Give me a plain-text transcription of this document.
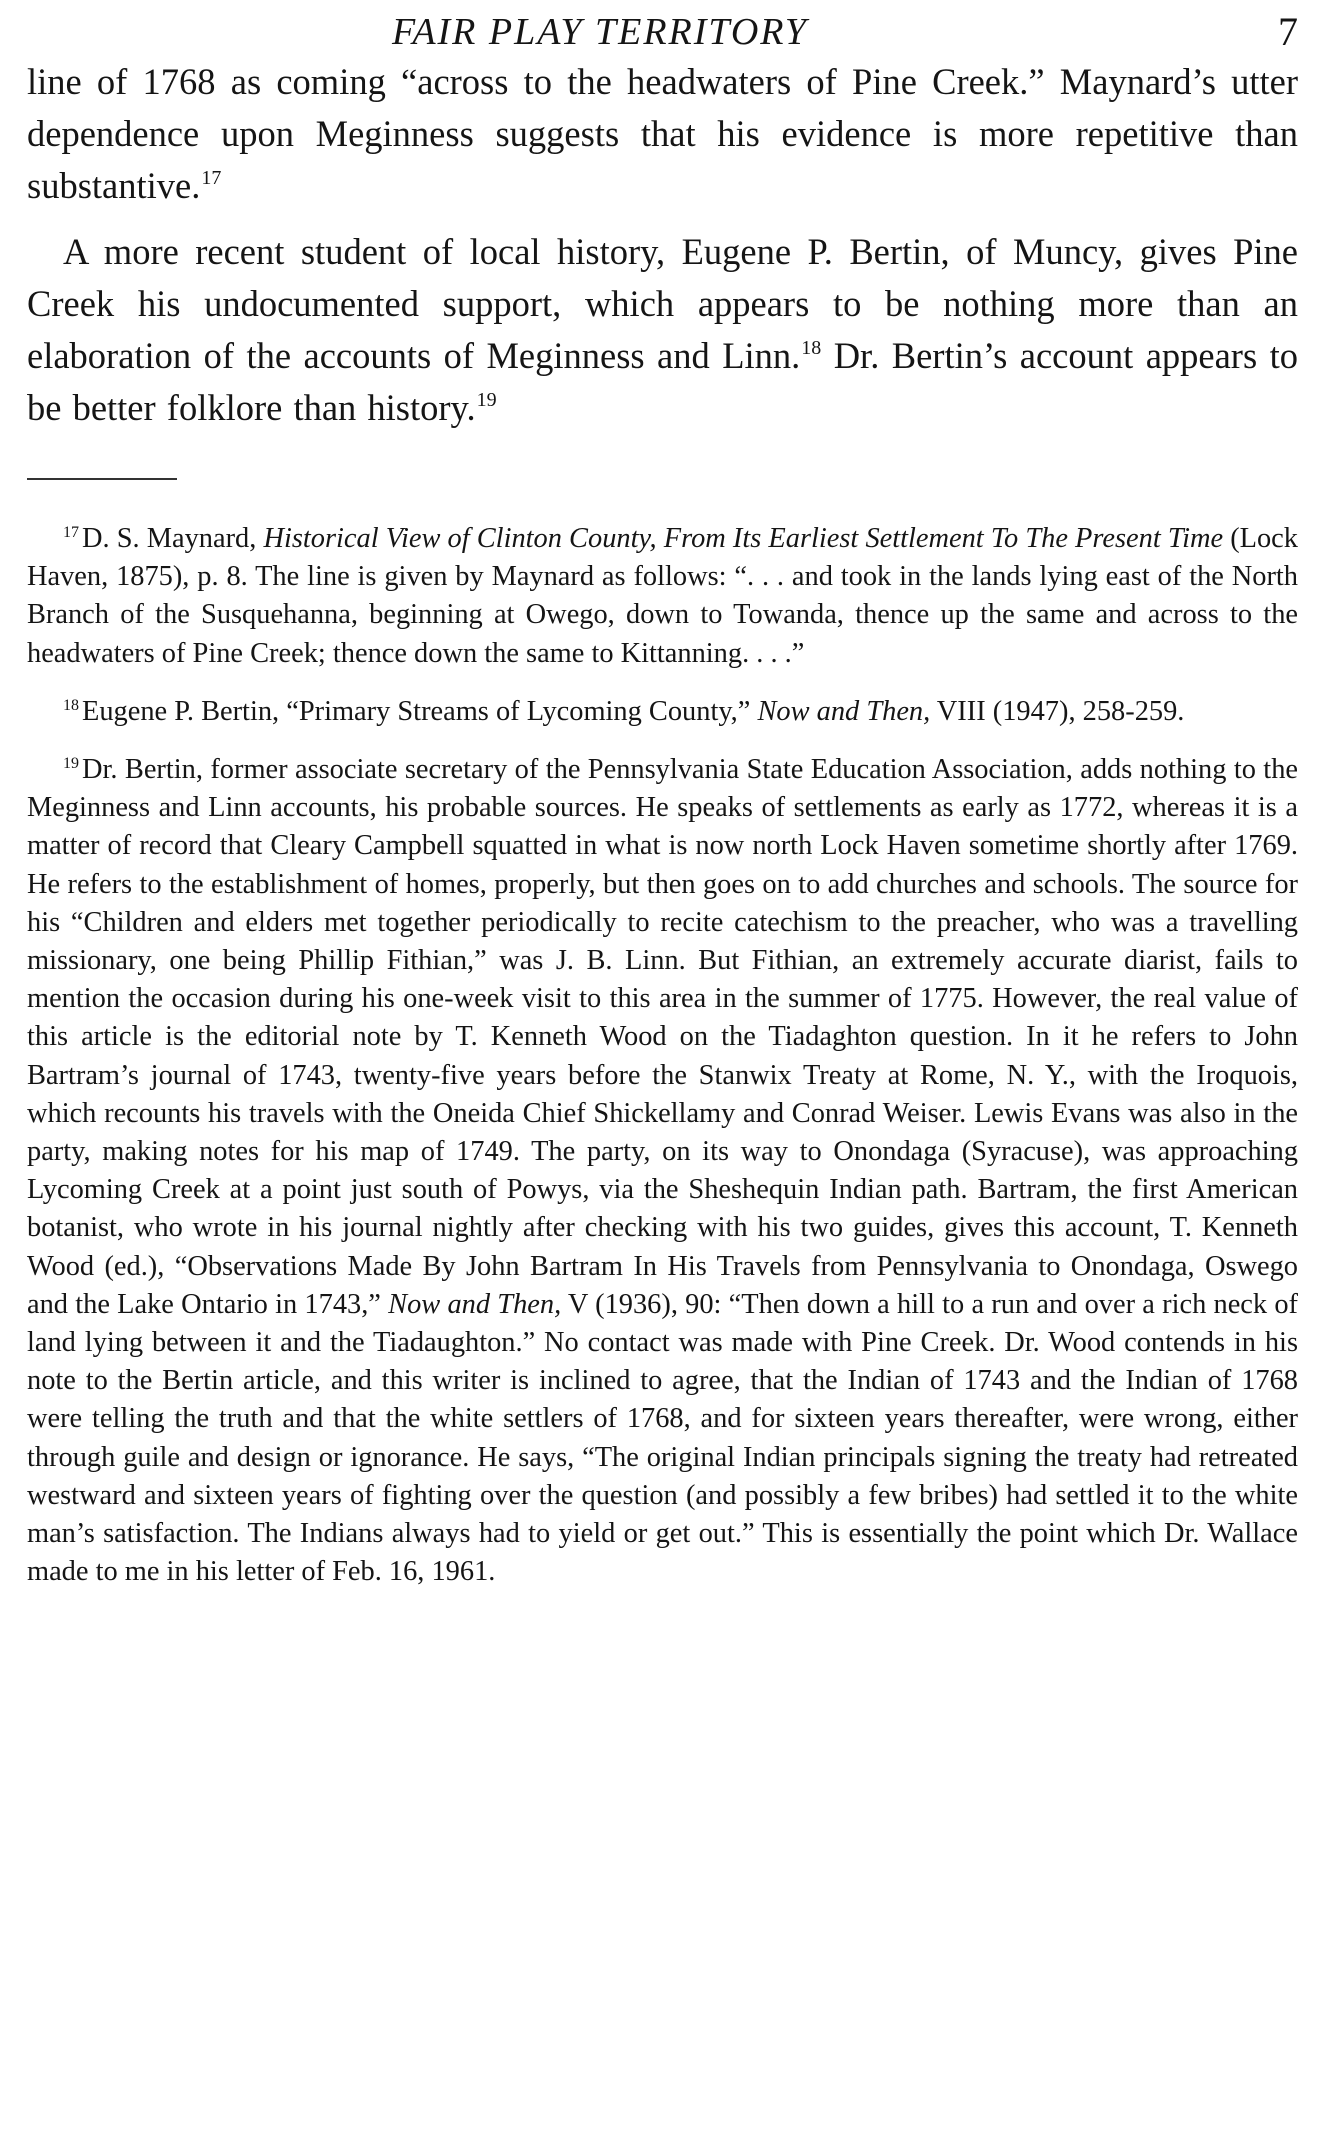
FAIR PLAY TERRITORY	7

line of 1768 as coming “across to the headwaters of Pine Creek.” Maynard’s utter dependence upon Meginness suggests that his evidence is more repetitive than substantive.$^{17}$

A more recent student of local history, Eugene P. Bertin, of Muncy, gives Pine Creek his undocumented support, which appears to be nothing more than an elaboration of the accounts of Meginness and Linn.$^{18}$ Dr. Bertin’s account appears to be better folklore than history.$^{19}$

$^{17}$ D. S. Maynard, Historical View of Clinton County, From Its Earliest Settlement To The Present Time (Lock Haven, 1875), p. 8. The line is given by Maynard as follows: “. . . and took in the lands lying east of the North Branch of the Susquehanna, beginning at Owego, down to Towanda, thence up the same and across to the headwaters of Pine Creek; thence down the same to Kittanning. . . .”

$^{18}$ Eugene P. Bertin, “Primary Streams of Lycoming County,” Now and Then, VIII (1947), 258-259.

$^{19}$ Dr. Bertin, former associate secretary of the Pennsylvania State Education Association, adds nothing to the Meginness and Linn accounts, his probable sources. He speaks of settlements as early as 1772, whereas it is a matter of record that Cleary Campbell squatted in what is now north Lock Haven sometime shortly after 1769. He refers to the establishment of homes, properly, but then goes on to add churches and schools. The source for his “Children and elders met together periodically to recite catechism to the preacher, who was a travelling missionary, one being Phillip Fithian,” was J. B. Linn. But Fithian, an extremely accurate diarist, fails to mention the occasion during his one-week visit to this area in the summer of 1775. However, the real value of this article is the editorial note by T. Kenneth Wood on the Tiadaghton question. In it he refers to John Bartram’s journal of 1743, twenty-five years before the Stanwix Treaty at Rome, N. Y., with the Iroquois, which recounts his travels with the Oneida Chief Shickellamy and Conrad Weiser. Lewis Evans was also in the party, making notes for his map of 1749. The party, on its way to Onondaga (Syracuse), was approaching Lycoming Creek at a point just south of Powys, via the Sheshequin Indian path. Bartram, the first American botanist, who wrote in his journal nightly after checking with his two guides, gives this account, T. Kenneth Wood (ed.), “Observations Made By John Bartram In His Travels from Pennsylvania to Onondaga, Oswego and the Lake Ontario in 1743,” Now and Then, V (1936), 90: “Then down a hill to a run and over a rich neck of land lying between it and the Tiadaughton.” No contact was made with Pine Creek. Dr. Wood contends in his note to the Bertin article, and this writer is inclined to agree, that the Indian of 1743 and the Indian of 1768 were telling the truth and that the white settlers of 1768, and for sixteen years thereafter, were wrong, either through guile and design or ignorance. He says, “The original Indian principals signing the treaty had retreated westward and sixteen years of fighting over the question (and possibly a few bribes) had settled it to the white man’s satisfaction. The Indians always had to yield or get out.” This is essentially the point which Dr. Wallace made to me in his letter of Feb. 16, 1961.
